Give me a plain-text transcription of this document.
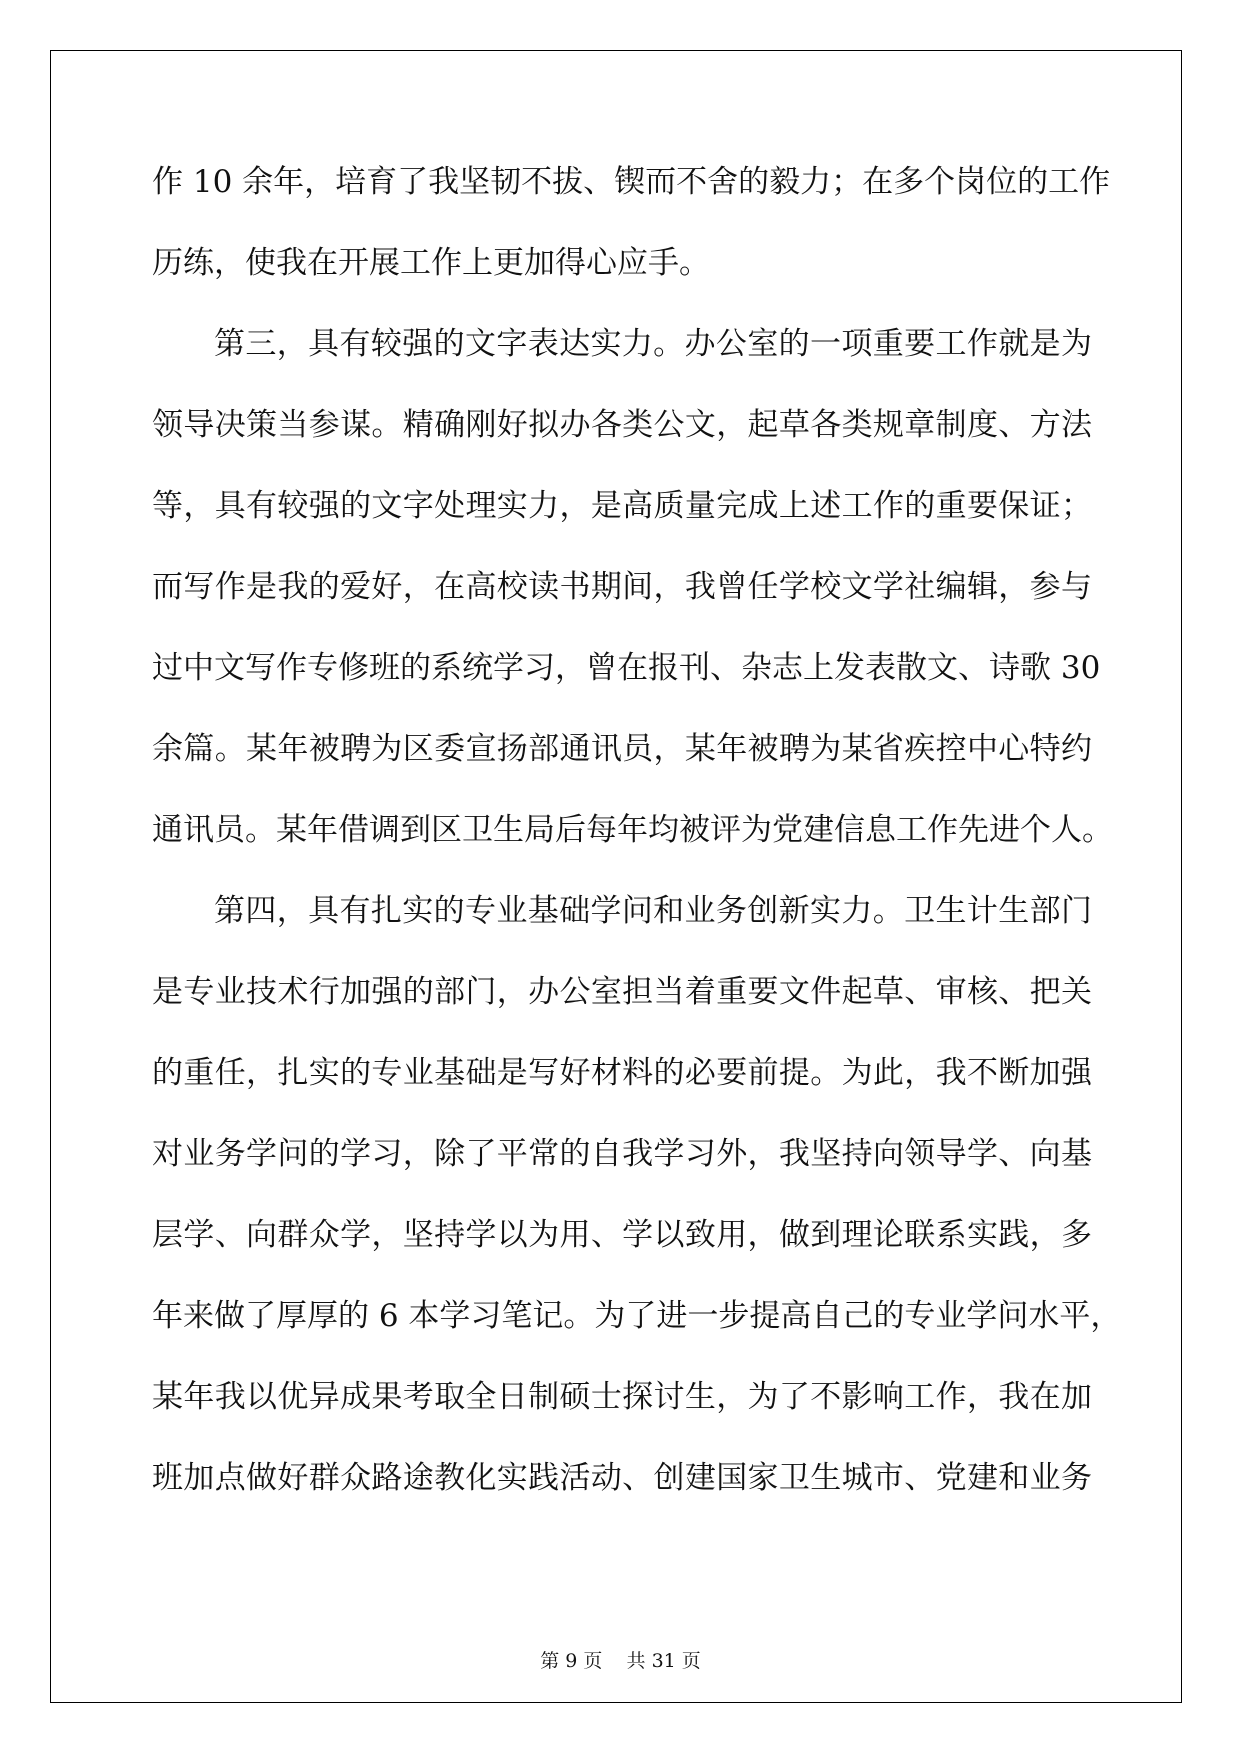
作 10 余年，培育了我坚韧不拔、锲而不舍的毅力；在多个岗位的工作
历练，使我在开展工作上更加得心应手。
第三，具有较强的文字表达实力。办公室的一项重要工作就是为
领导决策当参谋。精确刚好拟办各类公文，起草各类规章制度、方法
等，具有较强的文字处理实力，是高质量完成上述工作的重要保证；
而写作是我的爱好，在高校读书期间，我曾任学校文学社编辑，参与
过中文写作专修班的系统学习，曾在报刊、杂志上发表散文、诗歌 30
余篇。某年被聘为区委宣扬部通讯员，某年被聘为某省疾控中心特约
通讯员。某年借调到区卫生局后每年均被评为党建信息工作先进个人。
第四，具有扎实的专业基础学问和业务创新实力。卫生计生部门
是专业技术行加强的部门，办公室担当着重要文件起草、审核、把关
的重任，扎实的专业基础是写好材料的必要前提。为此，我不断加强
对业务学问的学习，除了平常的自我学习外，我坚持向领导学、向基
层学、向群众学，坚持学以为用、学以致用，做到理论联系实践，多
年来做了厚厚的 6 本学习笔记。为了进一步提高自己的专业学问水平，
某年我以优异成果考取全日制硕士探讨生，为了不影响工作，我在加
班加点做好群众路途教化实践活动、创建国家卫生城市、党建和业务
第 9 页    共 31 页
